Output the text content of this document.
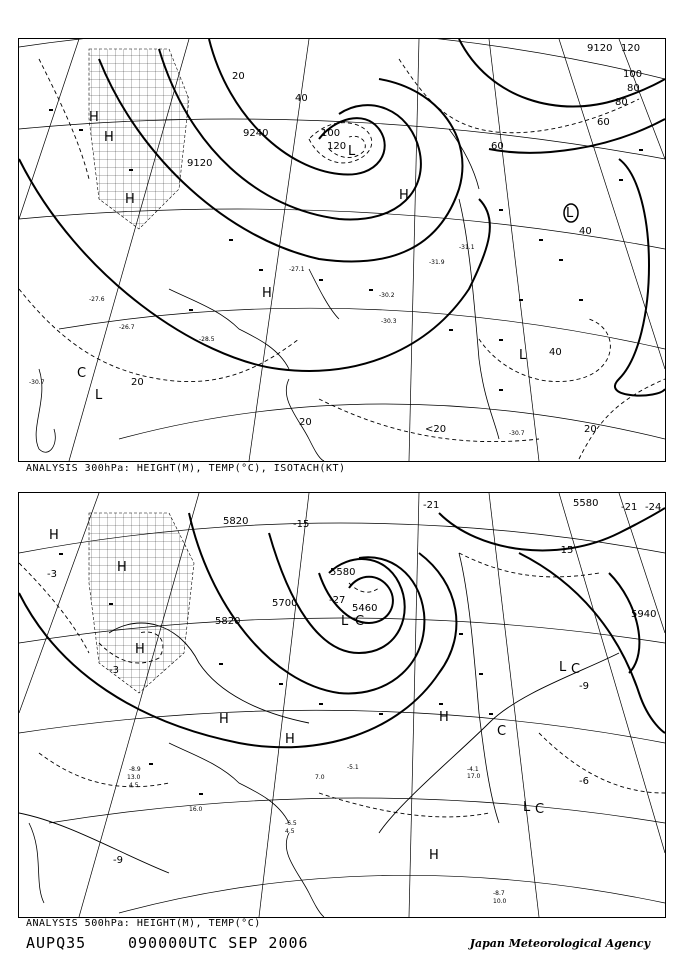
9120
9240
9120
20
40
60
80
100
120
40
20
20
20
40
60
80
100
120
<20
H
H
H
H
L
L
L
L
C
H
-30.7
-31.1
-27.1
-30.3
-31.9
-27.6
-30.7
-30.2
-28.5
-26.7
ANALYSIS 300hPa: HEIGHT(M), TEMP(°C), ISOTACH(KT)
5820
5700
5580
5460
5580
5940
5820
-15
-21	-24
-27
-21
-15
-9
-3
-3
-6
-9
H
H
H
H
H
H
L C
L C
C
L C
H
-4.1
17.0
-8.7
10.0
-6.5
4.5
-5.1
-8.9
7.0
13.0
16.0
4.5
ANALYSIS 500hPa: HEIGHT(M), TEMP(°C)
AUPQ35	090000UTC SEP 2006	Japan Meteorological Agency
